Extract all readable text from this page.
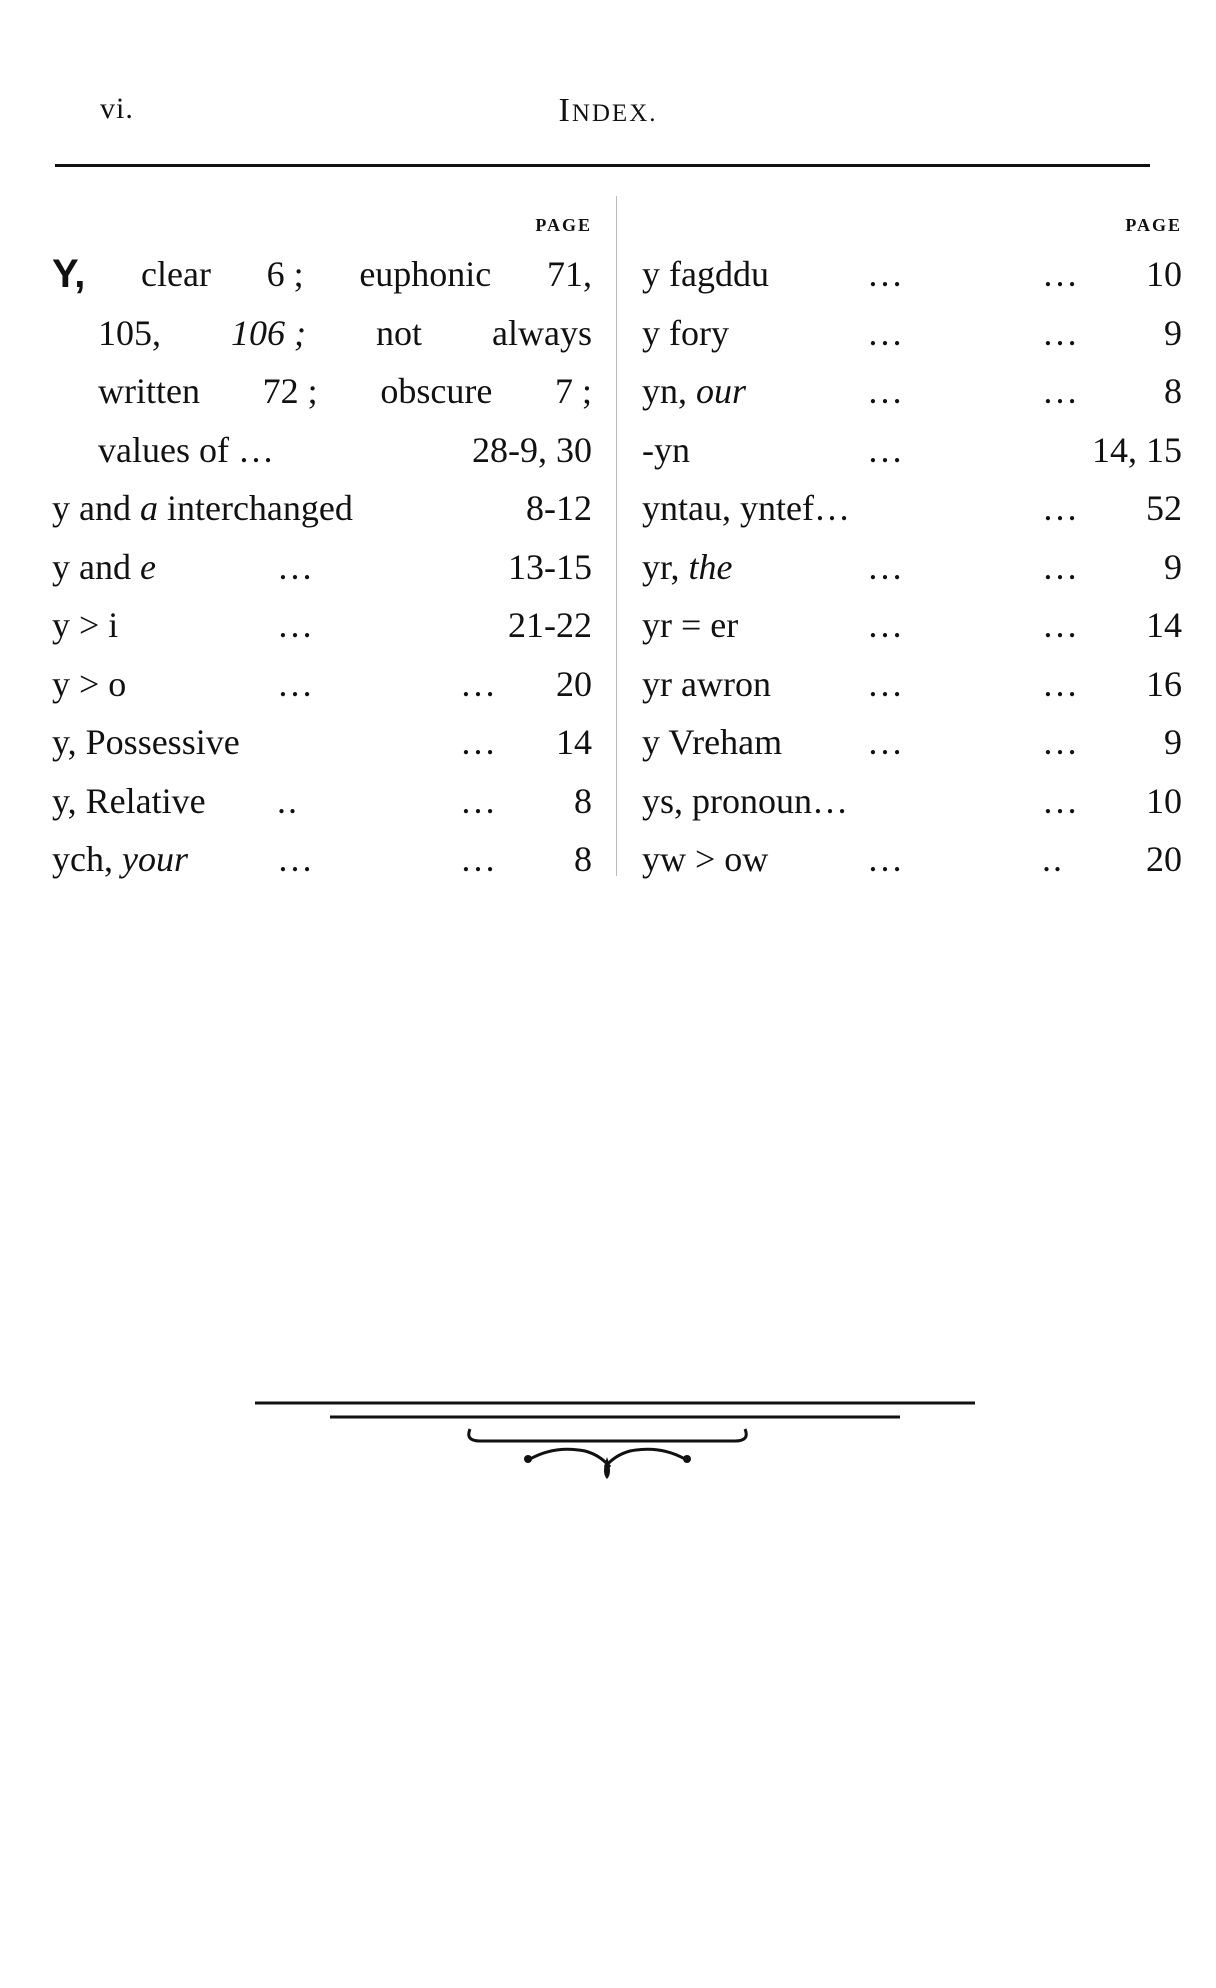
vi.	INDEX.
PAGE
Y, clear 6 ; euphonic 71,
105, 106 ; not always
written 72 ; obscure 7 ;
values of …	28-9, 30
y and a interchanged	8-12
y and e	…	13-15
y > i	…	21-22
y > o	…	… 20
y, Possessive	… 14
y, Relative ..	… 8
ych, your …	… 8
PAGE
y fagddu	…	… 10
y fory	…	… 9
yn, our	…	… 8
-yn	…	14, 15
yntau, yntef…	… 52
yr, the	…	… 9
yr = er	…	… 14
yr awron	…	… 16
y Vreham …	… 9
ys, pronoun…	… 10
yw > ow	…	.. 20
